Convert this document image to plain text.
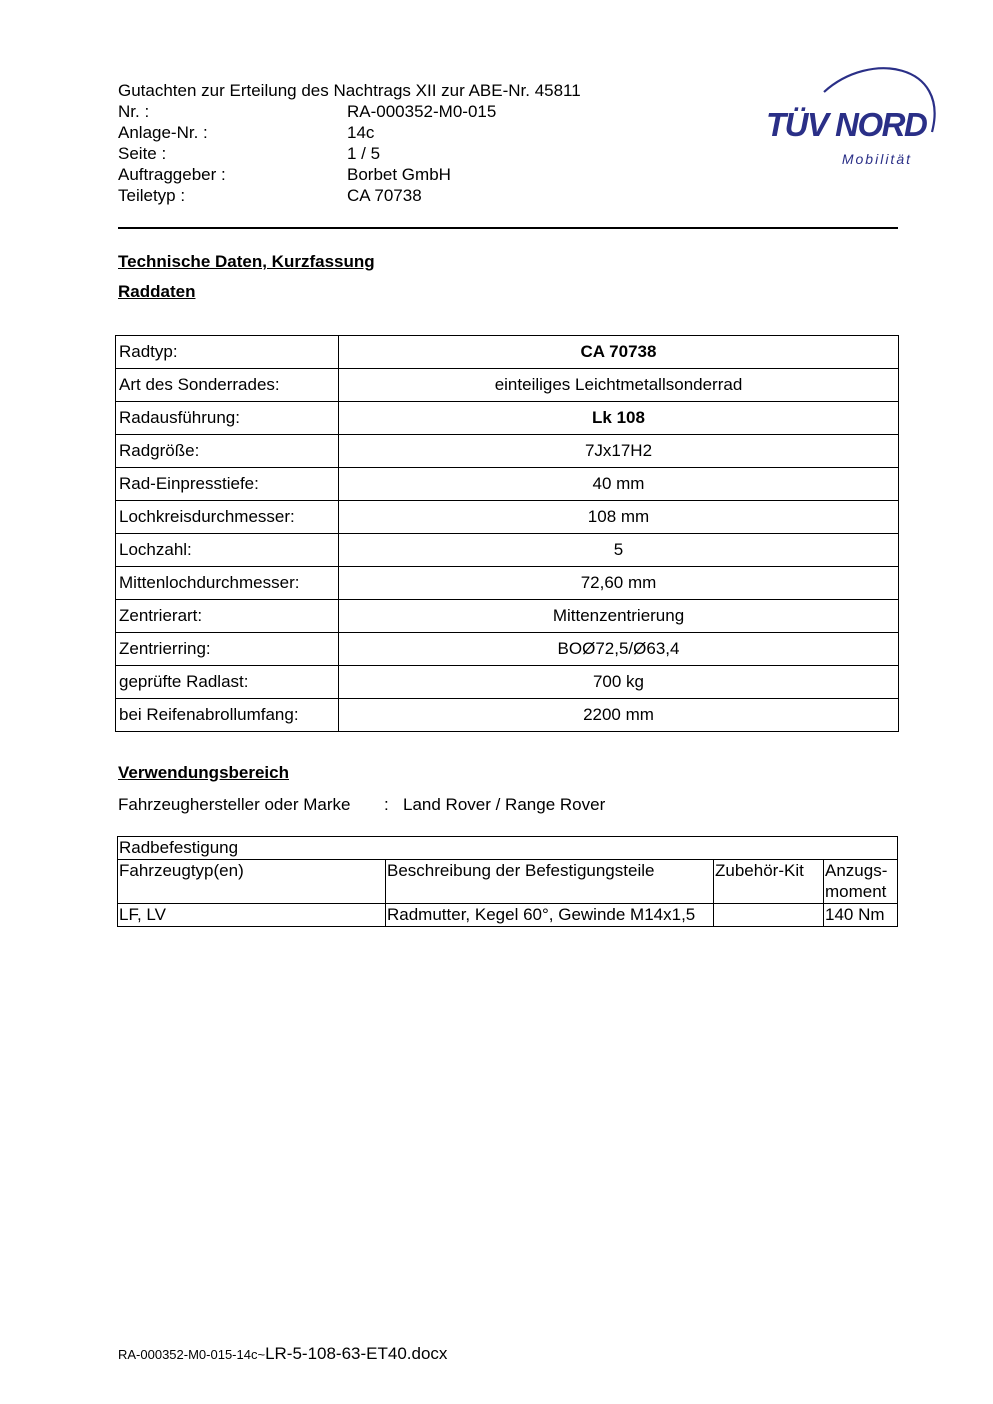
Gutachten zur Erteilung des Nachtrags XII zur ABE-Nr. 45811
Nr. :	RA-000352-M0-015
Anlage-Nr. :	14c
Seite :	1 / 5
Auftraggeber :	Borbet GmbH
Teiletyp :	CA 70738
TÜV NORD
Mobilität
Technische Daten, Kurzfassung
Raddaten
Radtyp:	CA 70738
Art des Sonderrades:	einteiliges Leichtmetallsonderrad
Radausführung:	Lk 108
Radgröße:	7Jx17H2
Rad-Einpresstiefe:	40 mm
Lochkreisdurchmesser:	108 mm
Lochzahl:	5
Mittenlochdurchmesser:	72,60 mm
Zentrierart:	Mittenzentrierung
Zentrierring:	BOØ72,5/Ø63,4
geprüfte Radlast:	700 kg
bei Reifenabrollumfang:	2200 mm
Verwendungsbereich
Fahrzeughersteller oder Marke	: Land Rover / Range Rover
Radbefestigung			
Fahrzeugtyp(en)	Beschreibung der Befestigungsteile	Zubehör-Kit	Anzugs-moment
LF, LV	Radmutter, Kegel 60°, Gewinde M14x1,5		140 Nm
RA-000352-M0-015-14c~LR-5-108-63-ET40.docx
